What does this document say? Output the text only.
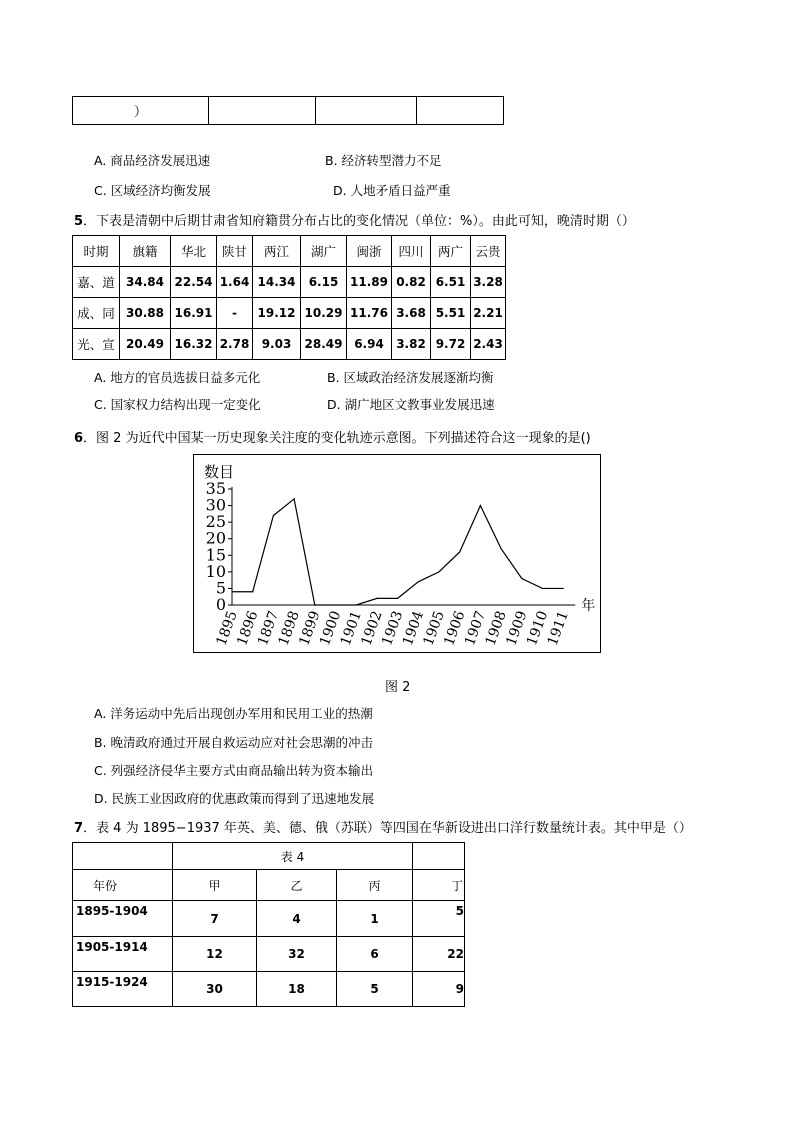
）			
A. 商品经济发展迅速	B. 经济转型潜力不足
C. 区域经济均衡发展	D. 人地矛盾日益严重
5．下表是清朝中后期甘肃省知府籍贯分布占比的变化情况（单位：%）。由此可知，晚清时期（）
时期	旗籍	华北	陕甘	两江	湖广	闽浙	四川	两广	云贵
嘉、道	34.84	22.54	1.64	14.34	6.15	11.89	0.82	6.51	3.28
成、同	30.88	16.91	-	19.12	10.29	11.76	3.68	5.51	2.21
光、宣	20.49	16.32	2.78	9.03	28.49	6.94	3.82	9.72	2.43
A. 地方的官员选拔日益多元化	B. 区域政治经济发展逐渐均衡
C. 国家权力结构出现一定变化	D. 湖广地区文教事业发展迅速
6．图 2 为近代中国某一历史现象关注度的变化轨迹示意图。下列描述符合这一现象的是()
0
5
10
15
20
25
30
35
数目
1895
1896
1897
1898
1899
1900
1901
1902
1903
1904
1905
1906
1907
1908
1909
1910
1911
年
图 2
A. 洋务运动中先后出现创办军用和民用工业的热潮
B. 晚清政府通过开展自救运动应对社会思潮的冲击
C. 列强经济侵华主要方式由商品输出转为资本输出
D. 民族工业因政府的优惠政策而得到了迅速地发展
7．表 4 为 1895−1937 年英、美、德、俄（苏联）等四国在华新设进出口洋行数量统计表。其中甲是（）
	表 4			
年份	甲	乙	丙	丁
1895-1904	7	4	1	5
1905-1914	12	32	6	22
1915-1924	30	18	5	9
